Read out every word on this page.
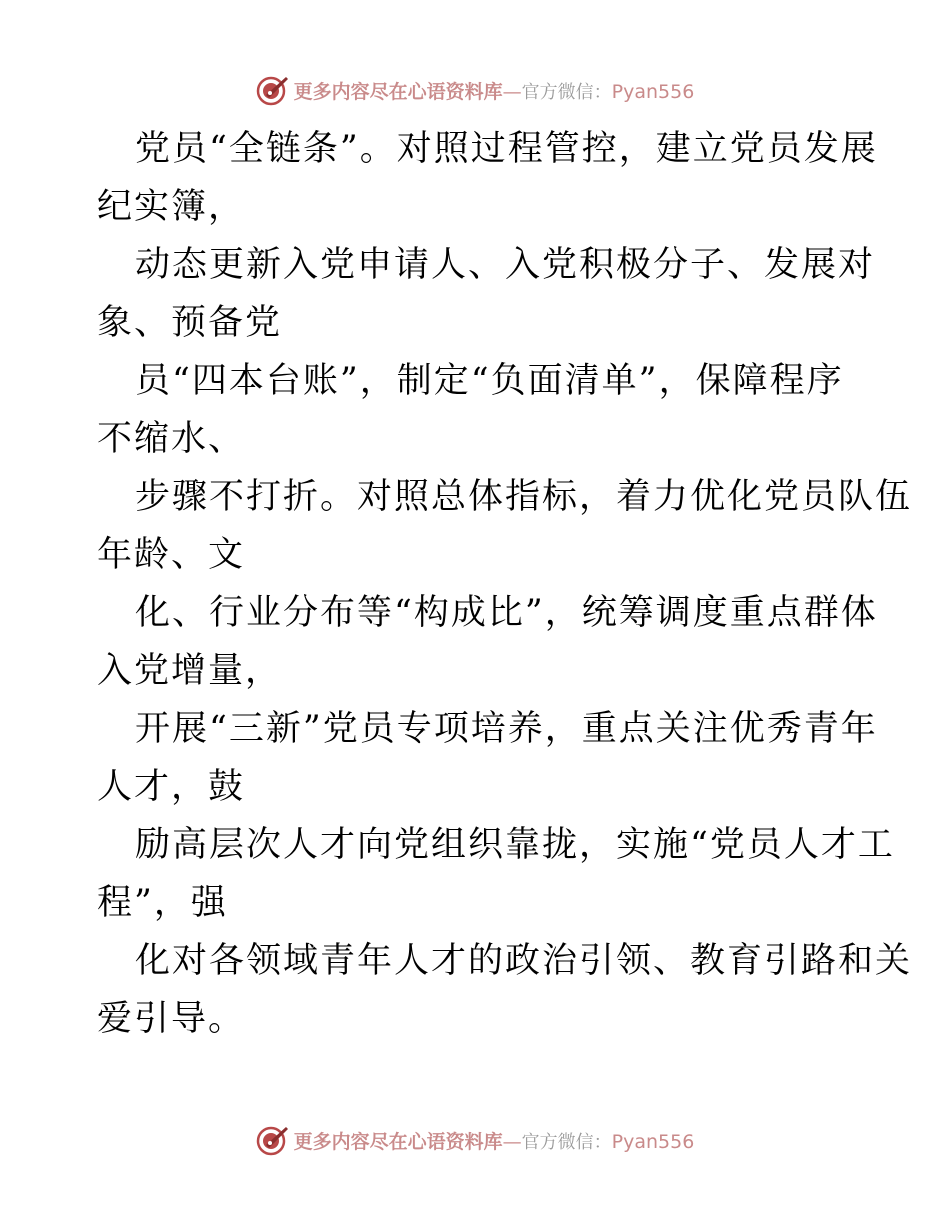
更多内容尽在心语资料库—官方微信：Pyan556
党员“全链条”。对照过程管控，建立党员发展
纪实簿，
动态更新入党申请人、入党积极分子、发展对
象、预备党
员“四本台账”，制定“负面清单”，保障程序
不缩水、
步骤不打折。对照总体指标，着力优化党员队伍
年龄、文
化、行业分布等“构成比”，统筹调度重点群体
入党增量，
开展“三新”党员专项培养，重点关注优秀青年
人才，鼓
励高层次人才向党组织靠拢，实施“党员人才工
程”，强
化对各领域青年人才的政治引领、教育引路和关
爱引导。
更多内容尽在心语资料库—官方微信：Pyan556
